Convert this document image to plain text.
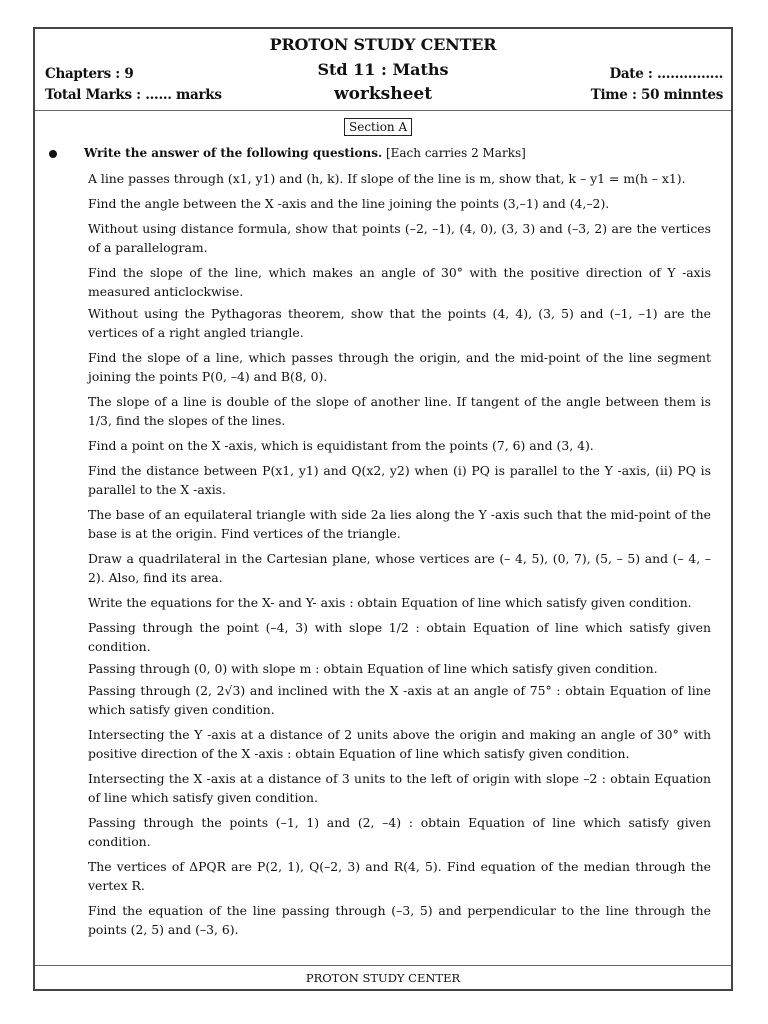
PROTON STUDY CENTER
Std 11 : Maths
worksheet
Chapters : 9
Total Marks : ...... marks
Date : ...............
Time : 50 minntes
Section A
Write the answer of the following questions. [Each carries 2 Marks]
A line passes through (x1, y1) and (h, k). If slope of the line is m, show that, k – y1 = m(h – x1).
Find the angle between the X -axis and the line joining the points (3,–1) and (4,–2).
Without using distance formula, show that points (–2, –1), (4, 0), (3, 3) and (–3, 2) are the vertices of a parallelogram.
Find the slope of the line, which makes an angle of 30° with the positive direction of Y -axis measured anticlockwise.
Without using the Pythagoras theorem, show that the points (4, 4), (3, 5) and (–1, –1) are the vertices of a right angled triangle.
Find the slope of a line, which passes through the origin, and the mid-point of the line segment joining the points P(0, –4) and B(8, 0).
The slope of a line is double of the slope of another line. If tangent of the angle between them is 1/3, find the slopes of the lines.
Find a point on the X -axis, which is equidistant from the points (7, 6) and (3, 4).
Find the distance between P(x1, y1) and Q(x2, y2) when (i) PQ is parallel to the Y -axis, (ii) PQ is parallel to the X -axis.
The base of an equilateral triangle with side 2a lies along the Y -axis such that the mid-point of the base is at the origin. Find vertices of the triangle.
Draw a quadrilateral in the Cartesian plane, whose vertices are (– 4, 5), (0, 7), (5, – 5) and (– 4, –2). Also, find its area.
Write the equations for the X- and Y- axis : obtain Equation of line which satisfy given condition.
Passing through the point (–4, 3) with slope 1/2 : obtain Equation of line which satisfy given condition.
Passing through (0, 0) with slope m : obtain Equation of line which satisfy given condition.
Passing through (2, 2√3) and inclined with the X -axis at an angle of 75° : obtain Equation of line which satisfy given condition.
Intersecting the Y -axis at a distance of 2 units above the origin and making an angle of 30° with positive direction of the X -axis : obtain Equation of line which satisfy given condition.
Intersecting the X -axis at a distance of 3 units to the left of origin with slope –2 : obtain Equation of line which satisfy given condition.
Passing through the points (–1, 1) and (2, –4) : obtain Equation of line which satisfy given condition.
The vertices of ΔPQR are P(2, 1), Q(–2, 3) and R(4, 5). Find equation of the median through the vertex R.
Find the equation of the line passing through (–3, 5) and perpendicular to the line through the points (2, 5) and (–3, 6).
PROTON STUDY CENTER
